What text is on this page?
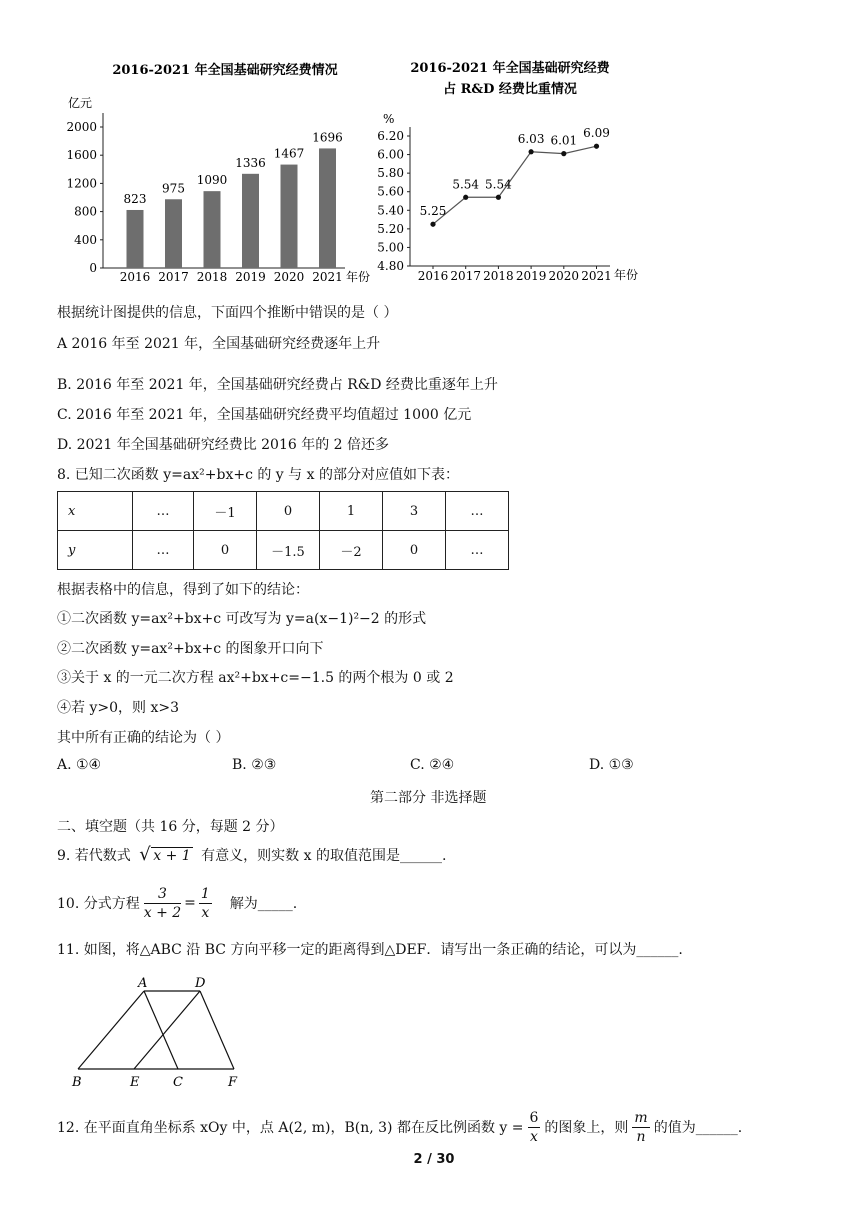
2016-2021 年全国基础研究经费情况
亿元
0
400
800
1200
1600
2000
823
975
1090
1336
1467
1696
2016 2017 2018 2019 2020 2021 年份
2016-2021 年全国基础研究经费
占 R&D 经费比重情况
%
4.80
5.00
5.20
5.40
5.60
5.80
6.00
6.20
5.25
5.54 5.54
6.03 6.01
6.09
2016 2017 2018 2019 2020 2021 年份
根据统计图提供的信息，下面四个推断中错误的是（ ）
A 2016 年至 2021 年，全国基础研究经费逐年上升
B. 2016 年至 2021 年，全国基础研究经费占 R&D 经费比重逐年上升
C. 2016 年至 2021 年，全国基础研究经费平均值超过 1000 亿元
D. 2021 年全国基础研究经费比 2016 年的 2 倍还多
8. 已知二次函数 y=ax²+bx+c 的 y 与 x 的部分对应值如下表：
x	…	－1	0	1	3	…
y	…	0	－1.5	－2	0	…
根据表格中的信息，得到了如下的结论：
①二次函数 y=ax²+bx+c 可改写为 y=a(x−1)²−2 的形式
②二次函数 y=ax²+bx+c 的图象开口向下
③关于 x 的一元二次方程 ax²+bx+c=−1.5 的两个根为 0 或 2
④若 y>0，则 x>3
其中所有正确的结论为（ ）
A. ①④	B. ②③	C. ②④	D. ①③
第二部分 非选择题
二、填空题（共 16 分，每题 2 分）
9. 若代数式 √ x + 1 有意义，则实数 x 的取值范围是______.
10. 分式方程 $\frac{3}{x + 2} = \frac{1}{x}$ 解为_____.
11. 如图，将△ABC 沿 BC 方向平移一定的距离得到△DEF．请写出一条正确的结论，可以为______.
A	D
B	E	C	F
12. 在平面直角坐标系 xOy 中，点 A(2, m)，B(n, 3) 都在反比例函数 $y = \frac{6}{x}$ 的图象上，则 $\frac{m}{n}$ 的值为______.
2 / 30
